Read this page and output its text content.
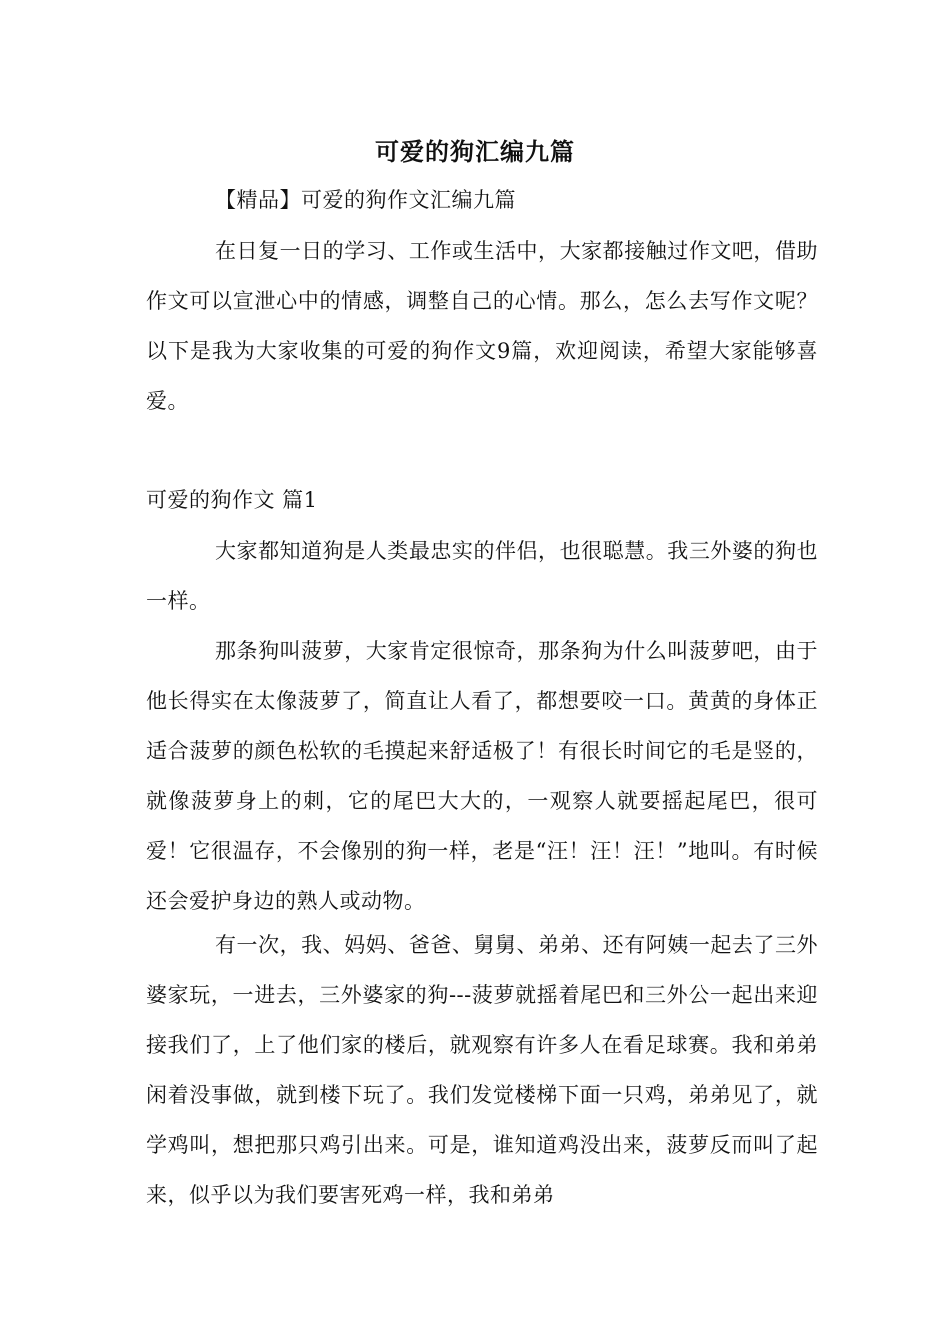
可爱的狗汇编九篇
【精品】可爱的狗作文汇编九篇
在日复一日的学习、工作或生活中，大家都接触过作文吧，借助作文可以宣泄心中的情感，调整自己的心情。那么，怎么去写作文呢？以下是我为大家收集的可爱的狗作文9篇，欢迎阅读，希望大家能够喜爱。
可爱的狗作文 篇1
大家都知道狗是人类最忠实的伴侣，也很聪慧。我三外婆的狗也一样。
那条狗叫菠萝，大家肯定很惊奇，那条狗为什么叫菠萝吧，由于他长得实在太像菠萝了，简直让人看了，都想要咬一口。黄黄的身体正适合菠萝的颜色松软的毛摸起来舒适极了！有很长时间它的毛是竖的，就像菠萝身上的刺，它的尾巴大大的，一观察人就要摇起尾巴，很可爱！它很温存，不会像别的狗一样，老是“汪！汪！汪！”地叫。有时候还会爱护身边的熟人或动物。
有一次，我、妈妈、爸爸、舅舅、弟弟、还有阿姨一起去了三外婆家玩，一进去，三外婆家的狗---菠萝就摇着尾巴和三外公一起出来迎接我们了，上了他们家的楼后，就观察有许多人在看足球赛。我和弟弟闲着没事做，就到楼下玩了。我们发觉楼梯下面一只鸡，弟弟见了，就学鸡叫，想把那只鸡引出来。可是，谁知道鸡没出来，菠萝反而叫了起来，似乎以为我们要害死鸡一样，我和弟弟
